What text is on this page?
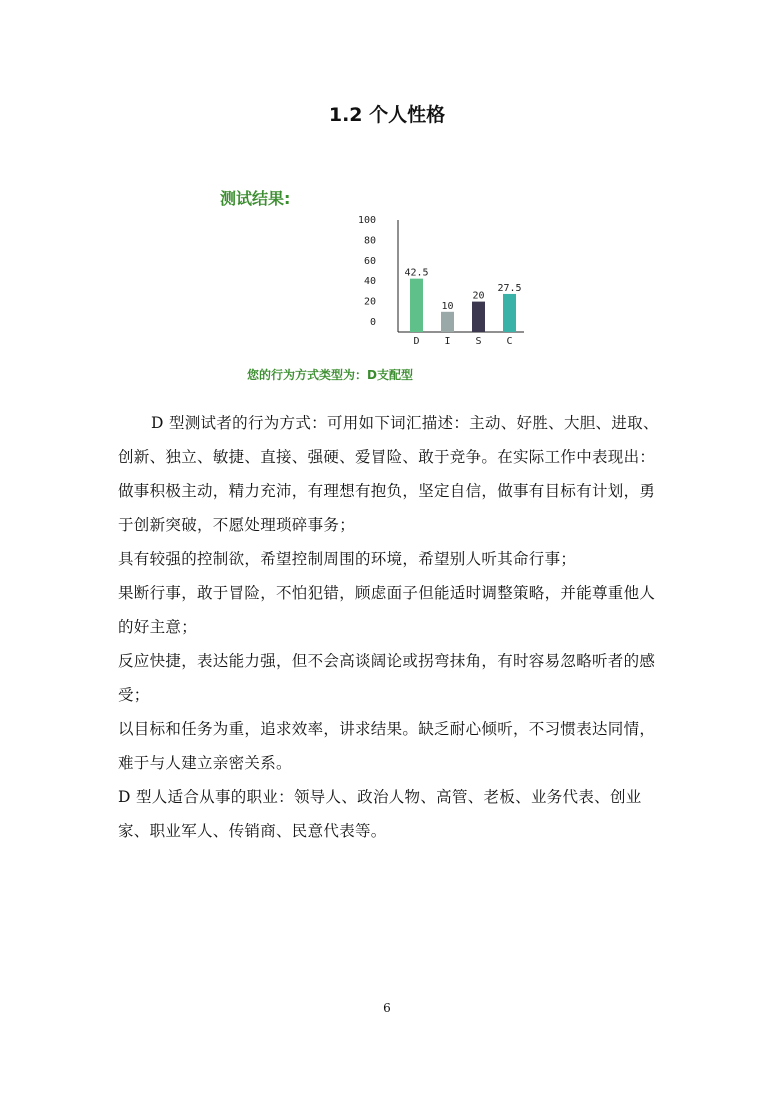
1.2 个人性格
测试结果:
100
80
60
40
20
0
42.5
D
10
I
20
S
27.5
C
您的行为方式类型为：D支配型

D 型测试者的行为方式：可用如下词汇描述：主动、好胜、大胆、进取、创新、独立、敏捷、直接、强硬、爱冒险、敢于竞争。在实际工作中表现出：

做事积极主动，精力充沛，有理想有抱负，坚定自信，做事有目标有计划，勇于创新突破，不愿处理琐碎事务；

具有较强的控制欲，希望控制周围的环境，希望别人听其命行事；

果断行事，敢于冒险，不怕犯错，顾虑面子但能适时调整策略，并能尊重他人的好主意；

反应快捷，表达能力强，但不会高谈阔论或拐弯抹角，有时容易忽略听者的感受；

以目标和任务为重，追求效率，讲求结果。缺乏耐心倾听，不习惯表达同情，难于与人建立亲密关系。

D 型人适合从事的职业：领导人、政治人物、高管、老板、业务代表、创业家、职业军人、传销商、民意代表等。

6
